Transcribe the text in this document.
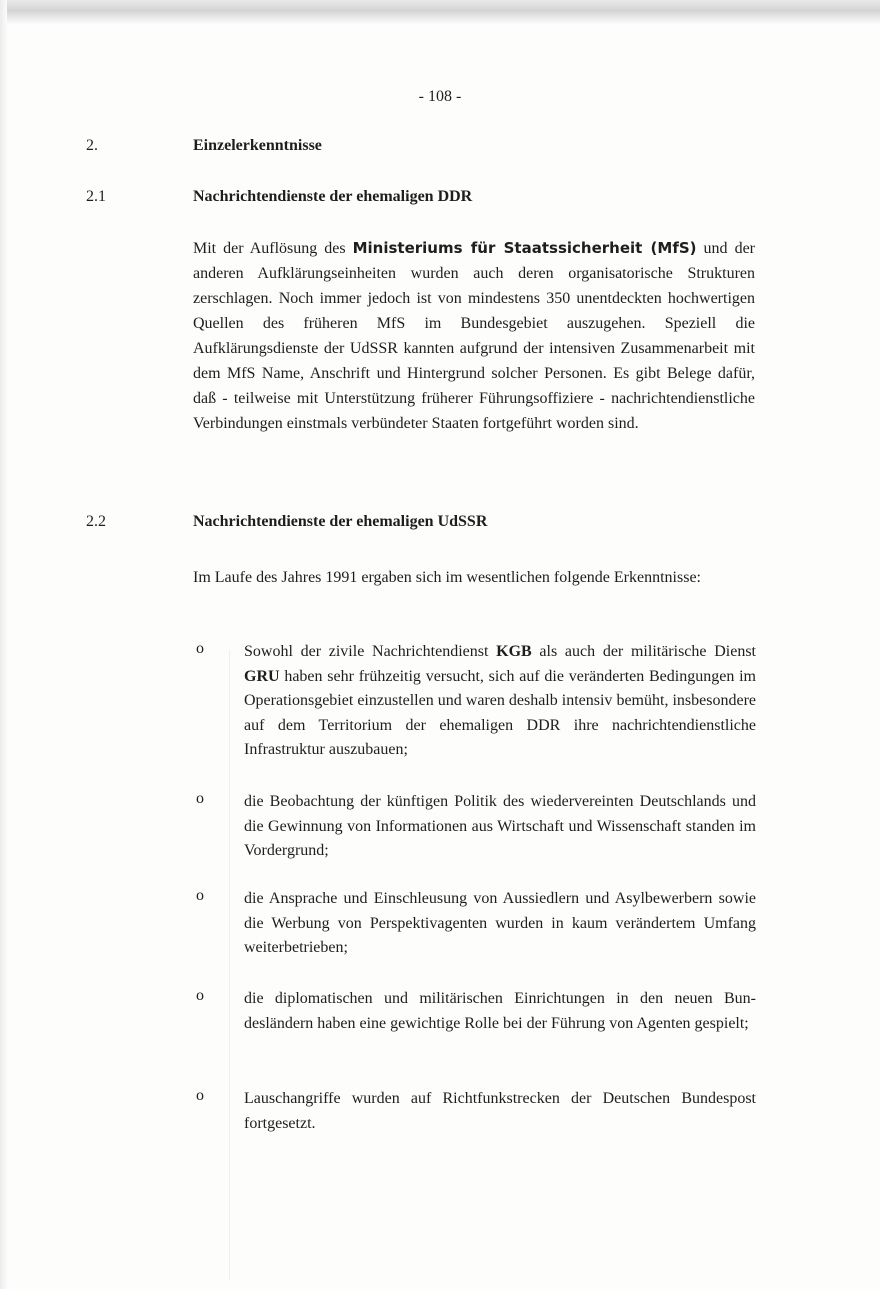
- 108 -
2.	Einzelerkenntnisse
2.1	Nachrichtendienste der ehemaligen DDR

Mit der Auflösung des Ministeriums für Staatssicherheit (MfS) und der anderen Aufklärungseinheiten wurden auch deren organisatorische Strukturen zerschlagen. Noch immer jedoch ist von mindestens 350 unentdeckten hochwertigen Quellen des früheren MfS im Bundesgebiet auszugehen. Speziell die Aufklärungsdienste der UdSSR kannten aufgrund der intensiven Zusammenarbeit mit dem MfS Name, Anschrift und Hintergrund solcher Personen. Es gibt Belege dafür, daß - teilweise mit Unterstützung früherer Führungsoffiziere - nachrichtendienstliche Verbindungen einstmals verbündeter Staaten fortgeführt worden sind.

2.2	Nachrichtendienste der ehemaligen UdSSR

Im Laufe des Jahres 1991 ergaben sich im wesentlichen folgende Erkenntnisse:

o	Sowohl der zivile Nachrichtendienst KGB als auch der militärische Dienst GRU haben sehr frühzeitig versucht, sich auf die veränderten Bedingungen im Operationsgebiet einzustellen und waren deshalb intensiv bemüht, insbesondere auf dem Territorium der ehemaligen DDR ihre nachrichtendienstliche Infrastruktur auszubauen;

o	die Beobachtung der künftigen Politik des wiedervereinten Deutschlands und die Gewinnung von Informationen aus Wirtschaft und Wissenschaft standen im Vordergrund;

o	die Ansprache und Einschleusung von Aussiedlern und Asylbewerbern sowie die Werbung von Perspektivagenten wurden in kaum verändertem Umfang weiterbetrieben;

o	die diplomatischen und militärischen Einrichtungen in den neuen Bundesländern haben eine gewichtige Rolle bei der Führung von Agenten gespielt;

o	Lauschangriffe wurden auf Richtfunkstrecken der Deutschen Bundespost fortgesetzt.
